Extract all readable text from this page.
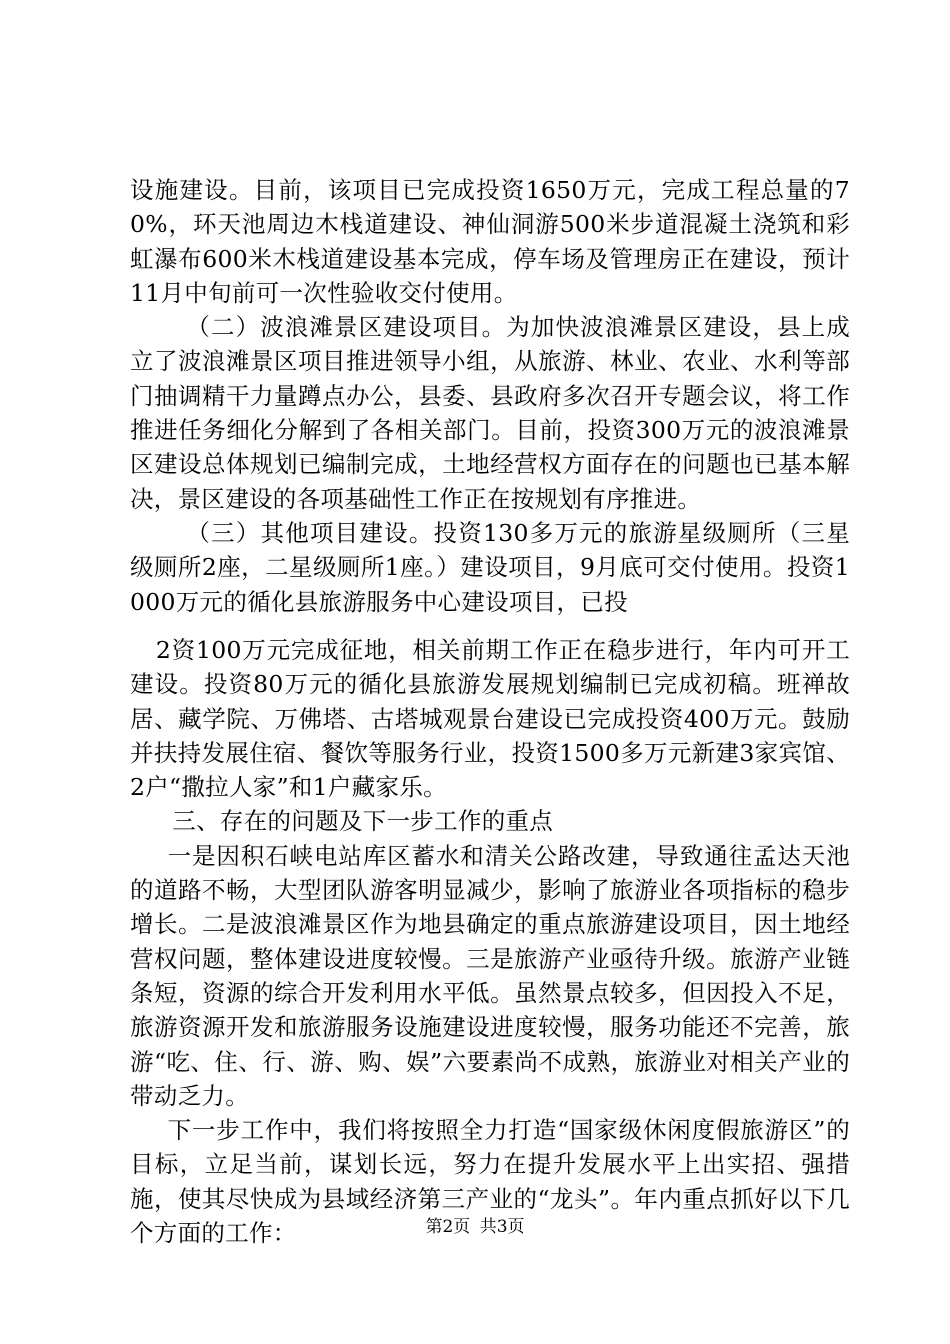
设施建设。目前，该项目已完成投资1650万元，完成工程总量的70%，环天池周边木栈道建设、神仙洞游500米步道混凝土浇筑和彩虹瀑布600米木栈道建设基本完成，停车场及管理房正在建设，预计11月中旬前可一次性验收交付使用。

（二）波浪滩景区建设项目。为加快波浪滩景区建设，县上成立了波浪滩景区项目推进领导小组，从旅游、林业、农业、水利等部门抽调精干力量蹲点办公，县委、县政府多次召开专题会议，将工作推进任务细化分解到了各相关部门。目前，投资300万元的波浪滩景区建设总体规划已编制完成，土地经营权方面存在的问题也已基本解决，景区建设的各项基础性工作正在按规划有序推进。

（三）其他项目建设。投资130多万元的旅游星级厕所（三星级厕所2座，二星级厕所1座。）建设项目，9月底可交付使用。投资1000万元的循化县旅游服务中心建设项目，已投

2资100万元完成征地，相关前期工作正在稳步进行，年内可开工建设。投资80万元的循化县旅游发展规划编制已完成初稿。班禅故居、藏学院、万佛塔、古塔城观景台建设已完成投资400万元。鼓励并扶持发展住宿、餐饮等服务行业，投资1500多万元新建3家宾馆、2户“撒拉人家”和1户藏家乐。

三、存在的问题及下一步工作的重点

一是因积石峡电站库区蓄水和清关公路改建，导致通往孟达天池的道路不畅，大型团队游客明显减少，影响了旅游业各项指标的稳步增长。二是波浪滩景区作为地县确定的重点旅游建设项目，因土地经营权问题，整体建设进度较慢。三是旅游产业亟待升级。旅游产业链条短，资源的综合开发利用水平低。虽然景点较多，但因投入不足，旅游资源开发和旅游服务设施建设进度较慢，服务功能还不完善，旅游“吃、住、行、游、购、娱”六要素尚不成熟，旅游业对相关产业的带动乏力。

下一步工作中，我们将按照全力打造“国家级休闲度假旅游区”的目标，立足当前，谋划长远，努力在提升发展水平上出实招、强措施，使其尽快成为县域经济第三产业的“龙头”。年内重点抓好以下几个方面的工作：	第2页 共3页
